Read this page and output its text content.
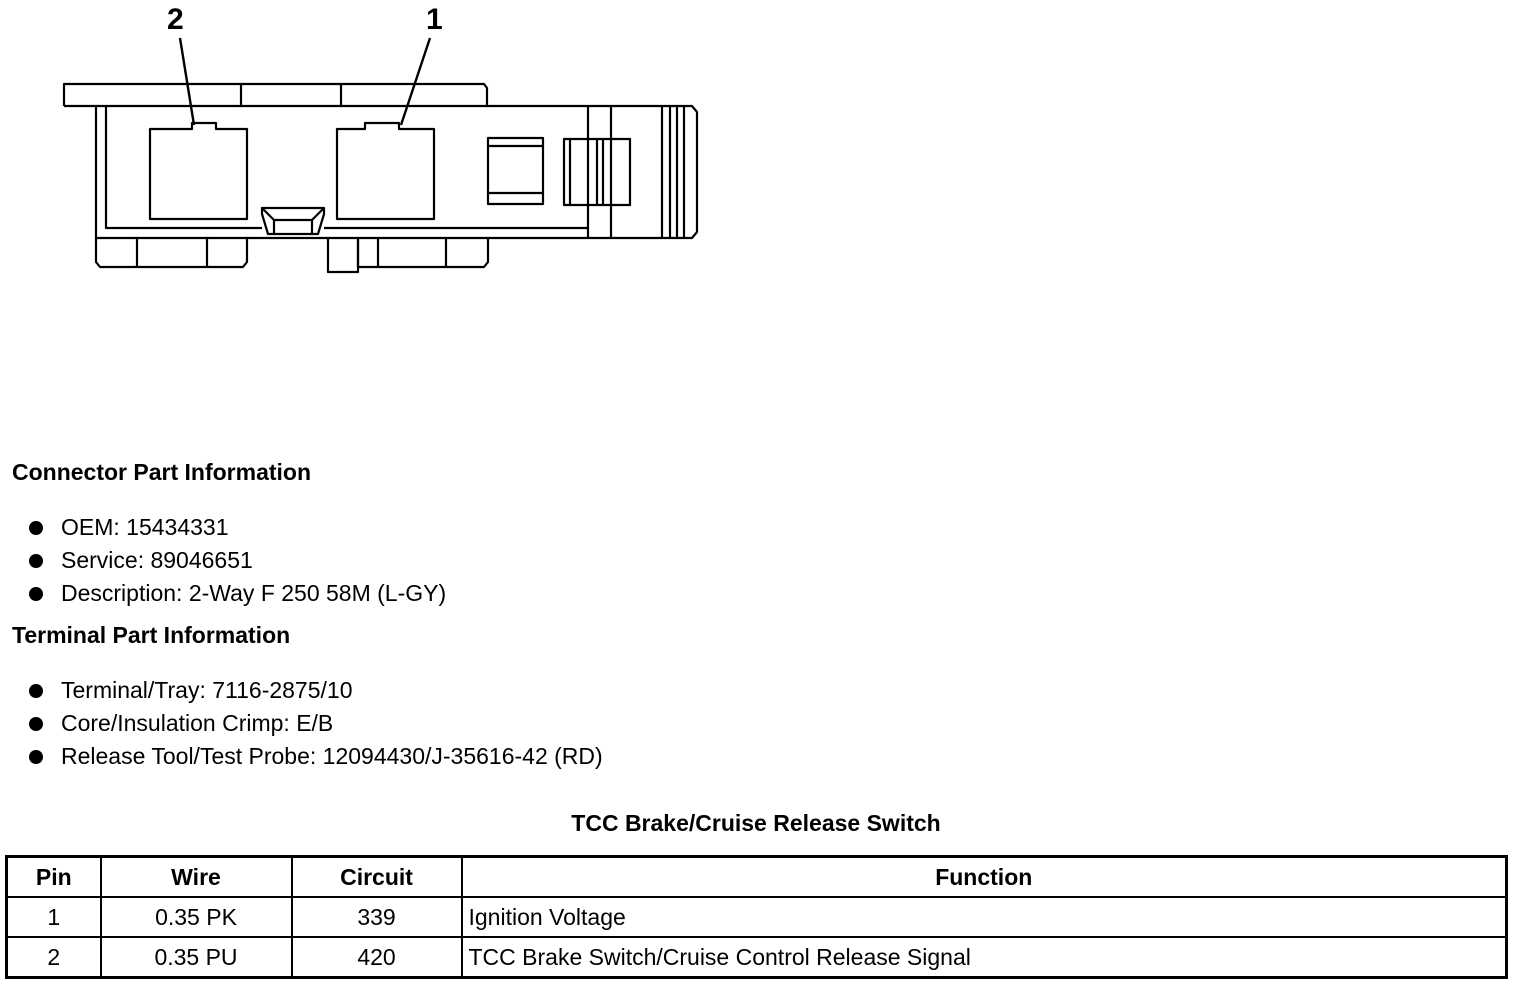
2	1
Connector Part Information
OEM: 15434331
Service: 89046651
Description: 2-Way F 250 58M (L-GY)
Terminal Part Information
Terminal/Tray: 7116-2875/10
Core/Insulation Crimp: E/B
Release Tool/Test Probe: 12094430/J-35616-42 (RD)
TCC Brake/Cruise Release Switch
Pin	Wire	Circuit	Function
1	0.35 PK	339	Ignition Voltage
2	0.35 PU	420	TCC Brake Switch/Cruise Control Release Signal
